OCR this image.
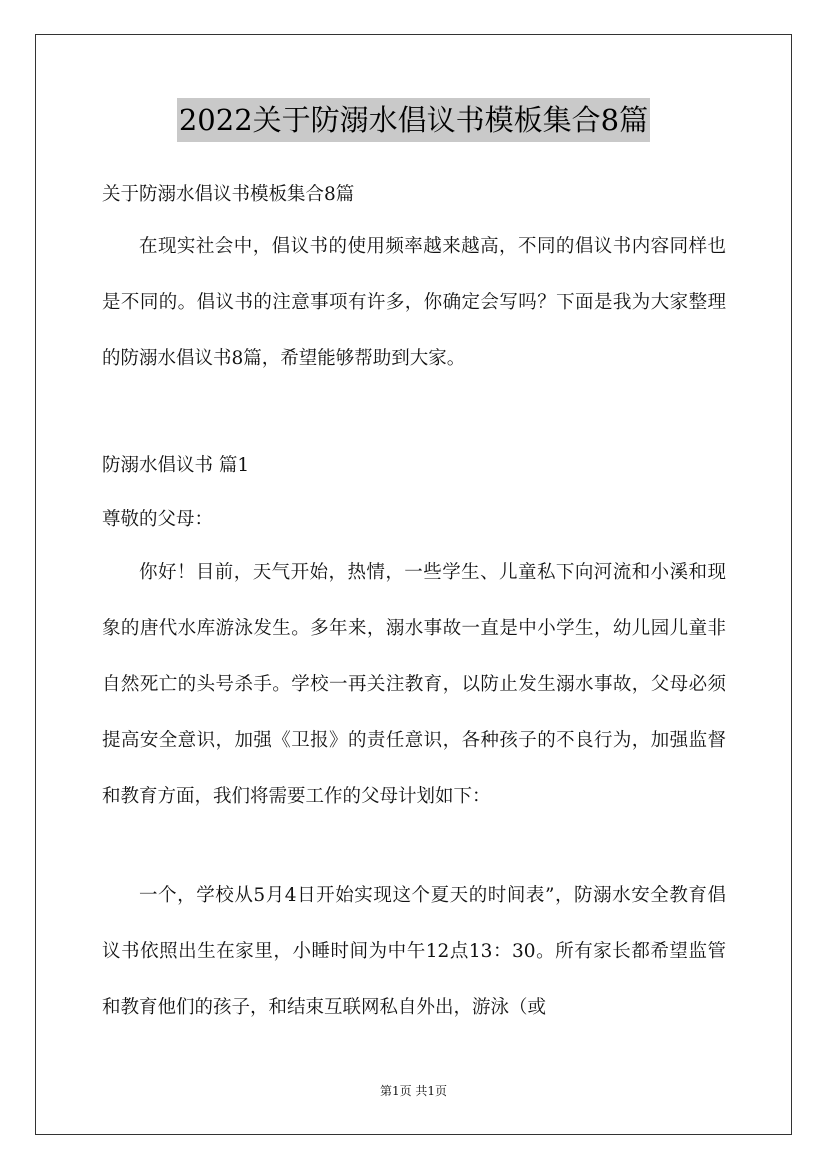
2022关于防溺水倡议书模板集合8篇
关于防溺水倡议书模板集合8篇

在现实社会中，倡议书的使用频率越来越高，不同的倡议书内容同样也是不同的。倡议书的注意事项有许多，你确定会写吗？下面是我为大家整理的防溺水倡议书8篇，希望能够帮助到大家。

防溺水倡议书 篇1
尊敬的父母：

你好！目前，天气开始，热情，一些学生、儿童私下向河流和小溪和现象的唐代水库游泳发生。多年来，溺水事故一直是中小学生，幼儿园儿童非自然死亡的头号杀手。学校一再关注教育，以防止发生溺水事故，父母必须提高安全意识，加强《卫报》的责任意识，各种孩子的不良行为，加强监督和教育方面，我们将需要工作的父母计划如下：

一个，学校从5月4日开始实现这个夏天的时间表”，防溺水安全教育倡议书依照出生在家里，小睡时间为中午12点13：30。所有家长都希望监管和教育他们的孩子，和结束互联网私自外出，游泳（或

第1页 共1页
